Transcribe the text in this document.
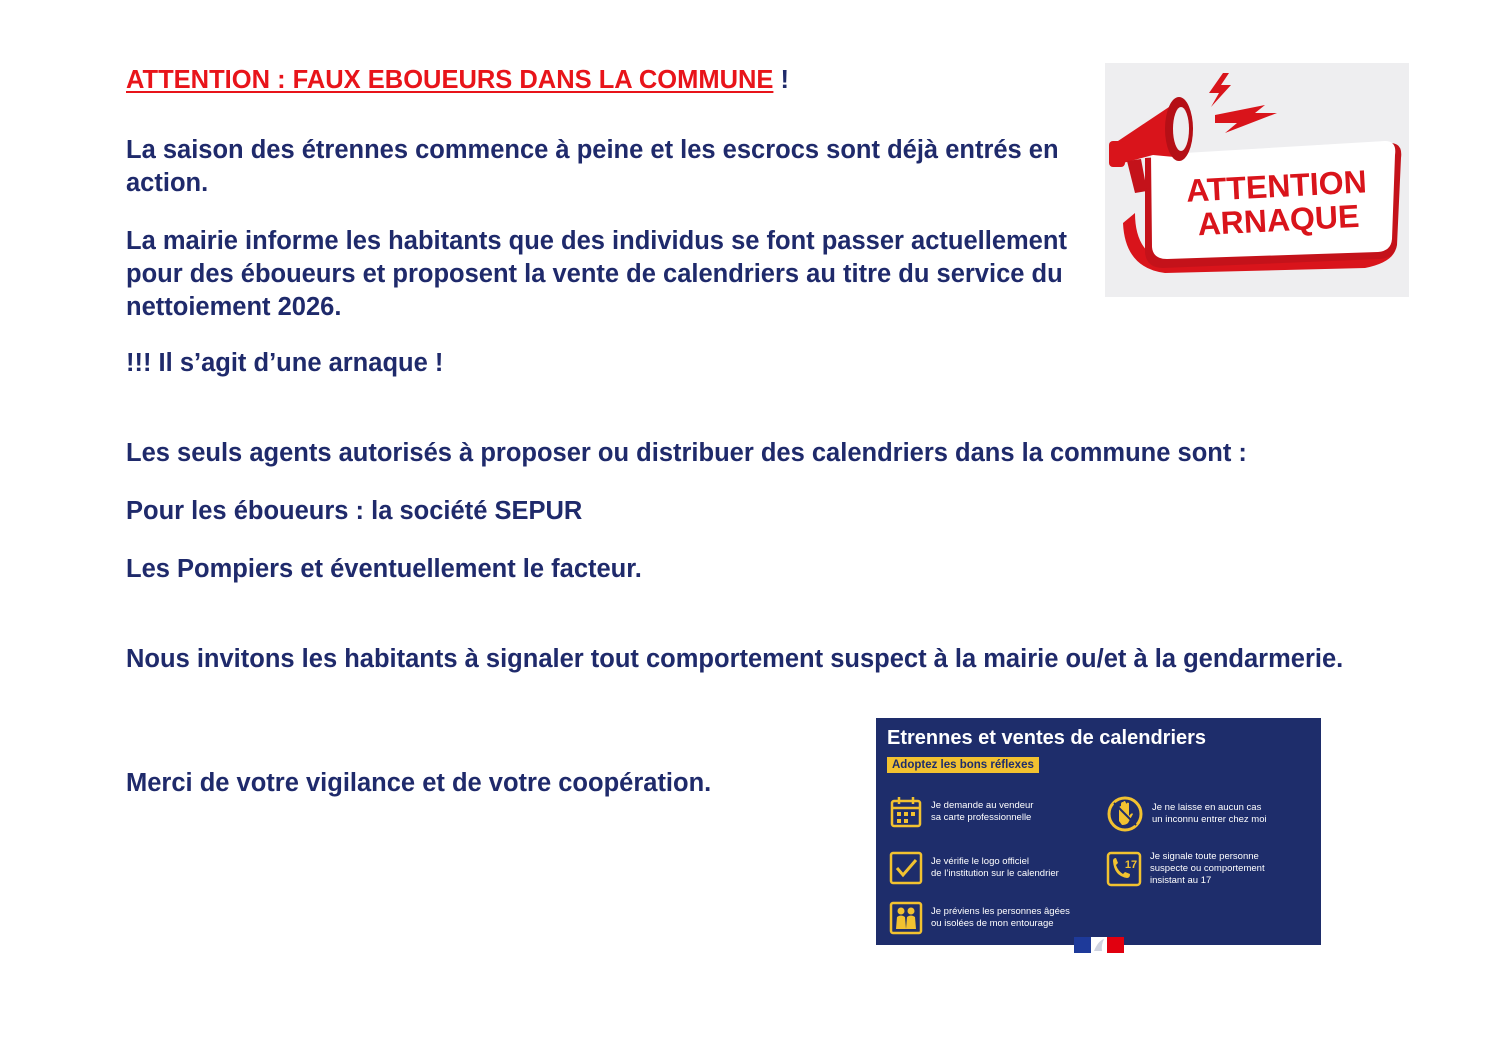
ATTENTION : FAUX EBOUEURS DANS LA COMMUNE !

La saison des étrennes commence à peine et les escrocs sont déjà entrés en action.

La mairie informe les habitants que des individus se font passer actuellement pour des éboueurs et proposent la vente de calendriers au titre du service du nettoiement 2026.

!!! Il s’agit d’une arnaque !

Les seuls agents autorisés à proposer ou distribuer des calendriers dans la commune sont :

Pour les éboueurs : la société SEPUR

Les Pompiers et éventuellement le facteur.

Nous invitons les habitants à signaler tout comportement suspect à la mairie ou/et à la gendarmerie.

Merci de votre vigilance et de votre coopération.

ATTENTION
ARNAQUE
Etrennes et ventes de calendriers
Adoptez les bons réflexes
Je demande au vendeur
sa carte professionnelle
Je ne laisse en aucun cas
un inconnu entrer chez moi
Je vérifie le logo officiel
de l’institution sur le calendrier
17
Je signale toute personne
suspecte ou comportement
insistant au 17
Je préviens les personnes âgées
ou isolées de mon entourage
